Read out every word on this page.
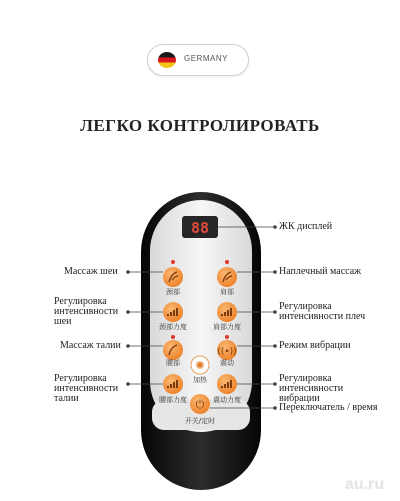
GERMANY
ЛЕГКО КОНТРОЛИРОВАТЬ
88
((•))
✺
⏻
颈部	肩部
颈部力度	肩部力度
腰部	震动
加热
腰部力度	震动力度
开关/定时
ЖК дисплей
Наплечный массаж
Регулировка
интенсивности плеч
Режим вибрации
Регулировка
интенсивности
вибрации
Переключатель / время
Массаж шеи
Регулировка
интенсивности
шеи
Массаж талии
Регулировка
интенсивности
талии
au.ru
